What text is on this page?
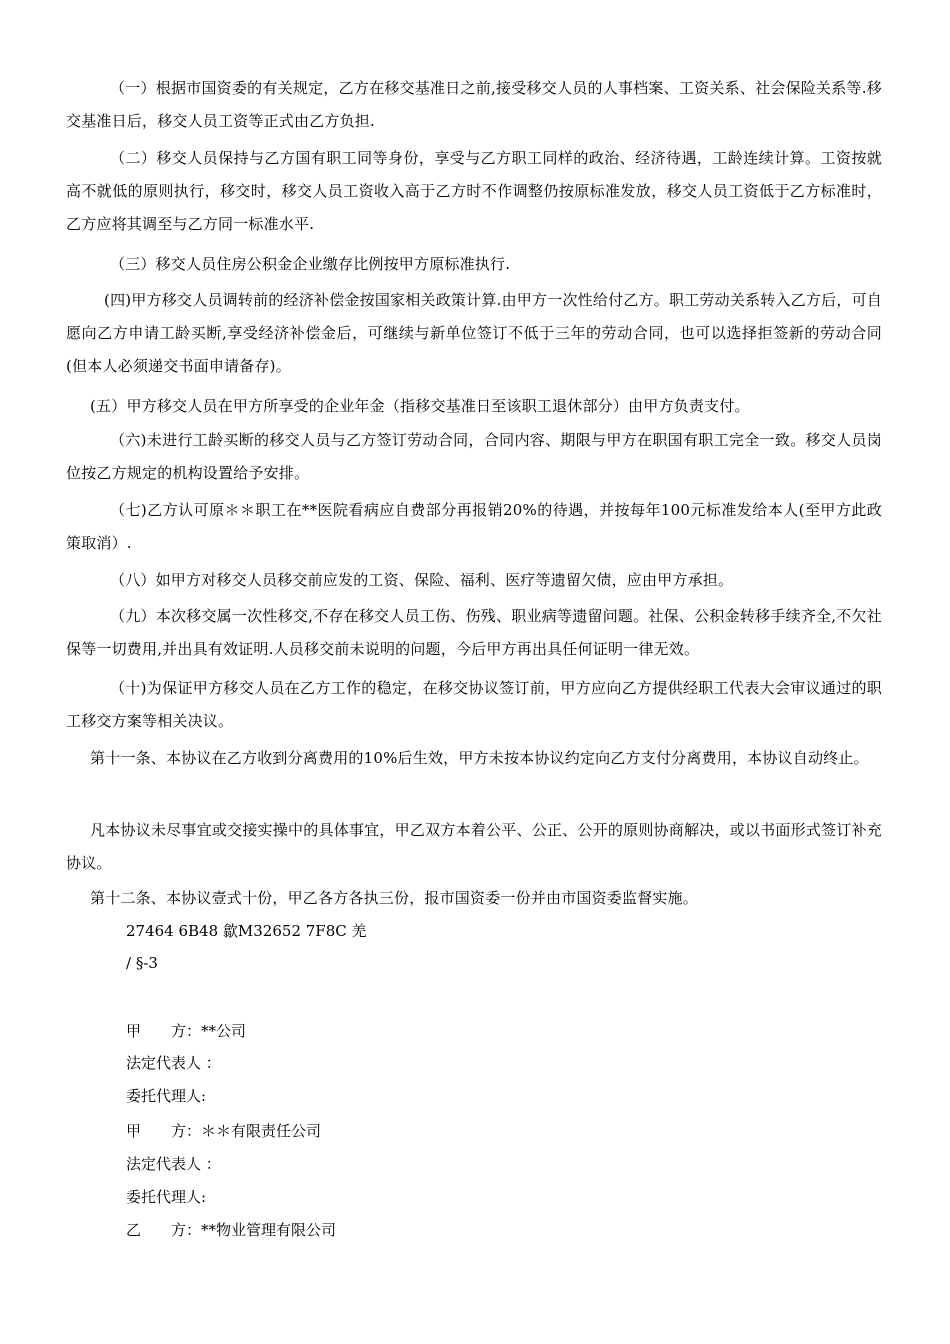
（一）根据市国资委的有关规定，乙方在移交基准日之前,接受移交人员的人事档案、工资关系、社会保险关系等.移交基准日后，移交人员工资等正式由乙方负担.

（二）移交人员保持与乙方国有职工同等身份，享受与乙方职工同样的政治、经济待遇，工龄连续计算。工资按就高不就低的原则执行，移交时，移交人员工资收入高于乙方时不作调整仍按原标准发放，移交人员工资低于乙方标准时，乙方应将其调至与乙方同一标准水平.

（三）移交人员住房公积金企业缴存比例按甲方原标准执行.

(四)甲方移交人员调转前的经济补偿金按国家相关政策计算.由甲方一次性给付乙方。职工劳动关系转入乙方后，可自愿向乙方申请工龄买断,享受经济补偿金后，可继续与新单位签订不低于三年的劳动合同，也可以选择拒签新的劳动合同(但本人必须递交书面申请备存)。

(五）甲方移交人员在甲方所享受的企业年金（指移交基准日至该职工退休部分）由甲方负责支付。

（六)未进行工龄买断的移交人员与乙方签订劳动合同，合同内容、期限与甲方在职国有职工完全一致。移交人员岗位按乙方规定的机构设置给予安排。

（七)乙方认可原＊＊职工在**医院看病应自费部分再报销20%的待遇，并按每年100元标准发给本人(至甲方此政策取消）.

（八）如甲方对移交人员移交前应发的工资、保险、福利、医疗等遗留欠债，应由甲方承担。

（九）本次移交属一次性移交,不存在移交人员工伤、伤残、职业病等遗留问题。社保、公积金转移手续齐全,不欠社保等一切费用,并出具有效证明.人员移交前未说明的问题，今后甲方再出具任何证明一律无效。

（十)为保证甲方移交人员在乙方工作的稳定，在移交协议签订前，甲方应向乙方提供经职工代表大会审议通过的职工移交方案等相关决议。

第十一条、本协议在乙方收到分离费用的10%后生效，甲方未按本协议约定向乙方支付分离费用，本协议自动终止。

凡本协议未尽事宜或交接实操中的具体事宜，甲乙双方本着公平、公正、公开的原则协商解决，或以书面形式签订补充协议。

第十二条、本协议壹式十份，甲乙各方各执三份，报市国资委一份并由市国资委监督实施。

27464 6B48 歙M32652 7F8C 羌

/ §-3

甲　　方：**公司
法定代表人 ：
委托代理人:
甲　　方：＊＊有限责任公司
法定代表人 ：
委托代理人:
乙　　方：**物业管理有限公司
